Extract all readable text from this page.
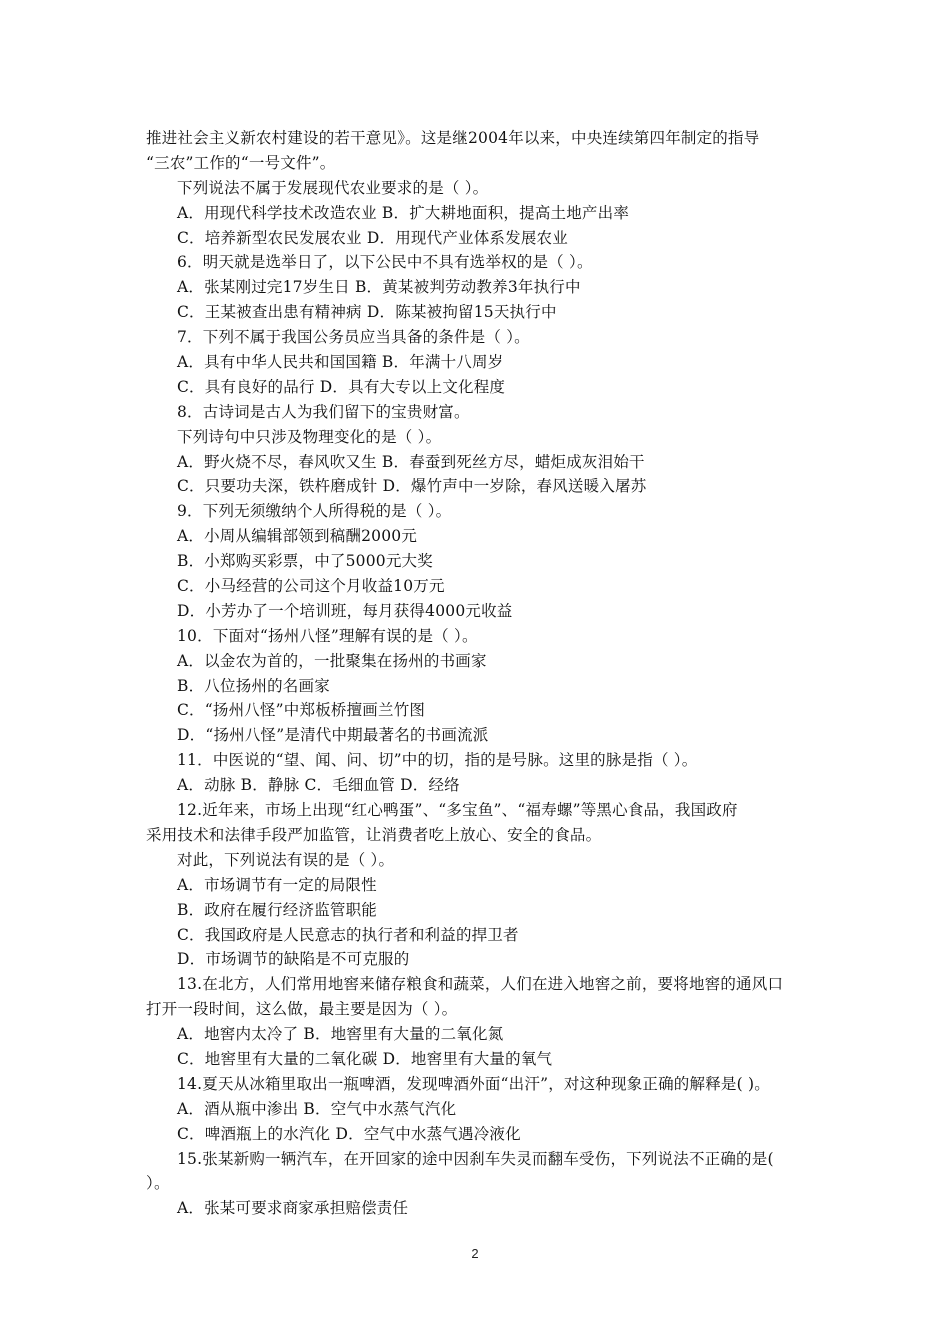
推进社会主义新农村建设的若干意见》。这是继2004年以来，中央连续第四年制定的指导
“三农”工作的“一号文件”。
下列说法不属于发展现代农业要求的是（ ）。
A．用现代科学技术改造农业 B．扩大耕地面积，提高土地产出率
C．培养新型农民发展农业 D．用现代产业体系发展农业
6．明天就是选举日了，以下公民中不具有选举权的是（ ）。
A．张某刚过完17岁生日 B．黄某被判劳动教养3年执行中
C．王某被查出患有精神病 D．陈某被拘留15天执行中
7．下列不属于我国公务员应当具备的条件是（ ）。
A．具有中华人民共和国国籍 B．年满十八周岁
C．具有良好的品行 D．具有大专以上文化程度
8．古诗词是古人为我们留下的宝贵财富。
下列诗句中只涉及物理变化的是（ ）。
A．野火烧不尽，春风吹又生 B．春蚕到死丝方尽，蜡炬成灰泪始干
C．只要功夫深，铁杵磨成针 D．爆竹声中一岁除，春风送暖入屠苏
9．下列无须缴纳个人所得税的是（ ）。
A．小周从编辑部领到稿酬2000元
B．小郑购买彩票，中了5000元大奖
C．小马经营的公司这个月收益10万元
D．小芳办了一个培训班，每月获得4000元收益
10．下面对“扬州八怪”理解有误的是（ ）。
A．以金农为首的，一批聚集在扬州的书画家
B．八位扬州的名画家
C．“扬州八怪”中郑板桥擅画兰竹图
D．“扬州八怪”是清代中期最著名的书画流派
11．中医说的“望、闻、问、切”中的切，指的是号脉。这里的脉是指（ ）。
A．动脉 B．静脉 C．毛细血管 D．经络
12.近年来，市场上出现“红心鸭蛋”、“多宝鱼”、“福寿螺”等黑心食品，我国政府
采用技术和法律手段严加监管，让消费者吃上放心、安全的食品。
对此，下列说法有误的是（ ）。
A．市场调节有一定的局限性
B．政府在履行经济监管职能
C．我国政府是人民意志的执行者和利益的捍卫者
D．市场调节的缺陷是不可克服的
13.在北方，人们常用地窖来储存粮食和蔬菜，人们在进入地窖之前，要将地窖的通风口
打开一段时间，这么做，最主要是因为（ ）。
A．地窖内太冷了 B．地窖里有大量的二氧化氮
C．地窖里有大量的二氧化碳 D．地窖里有大量的氧气
14.夏天从冰箱里取出一瓶啤酒，发现啤酒外面“出汗”，对这种现象正确的解释是( )。
A．酒从瓶中渗出 B．空气中水蒸气汽化
C．啤酒瓶上的水汽化 D．空气中水蒸气遇冷液化
15.张某新购一辆汽车，在开回家的途中因刹车失灵而翻车受伤，下列说法不正确的是(
）。
A．张某可要求商家承担赔偿责任
2
